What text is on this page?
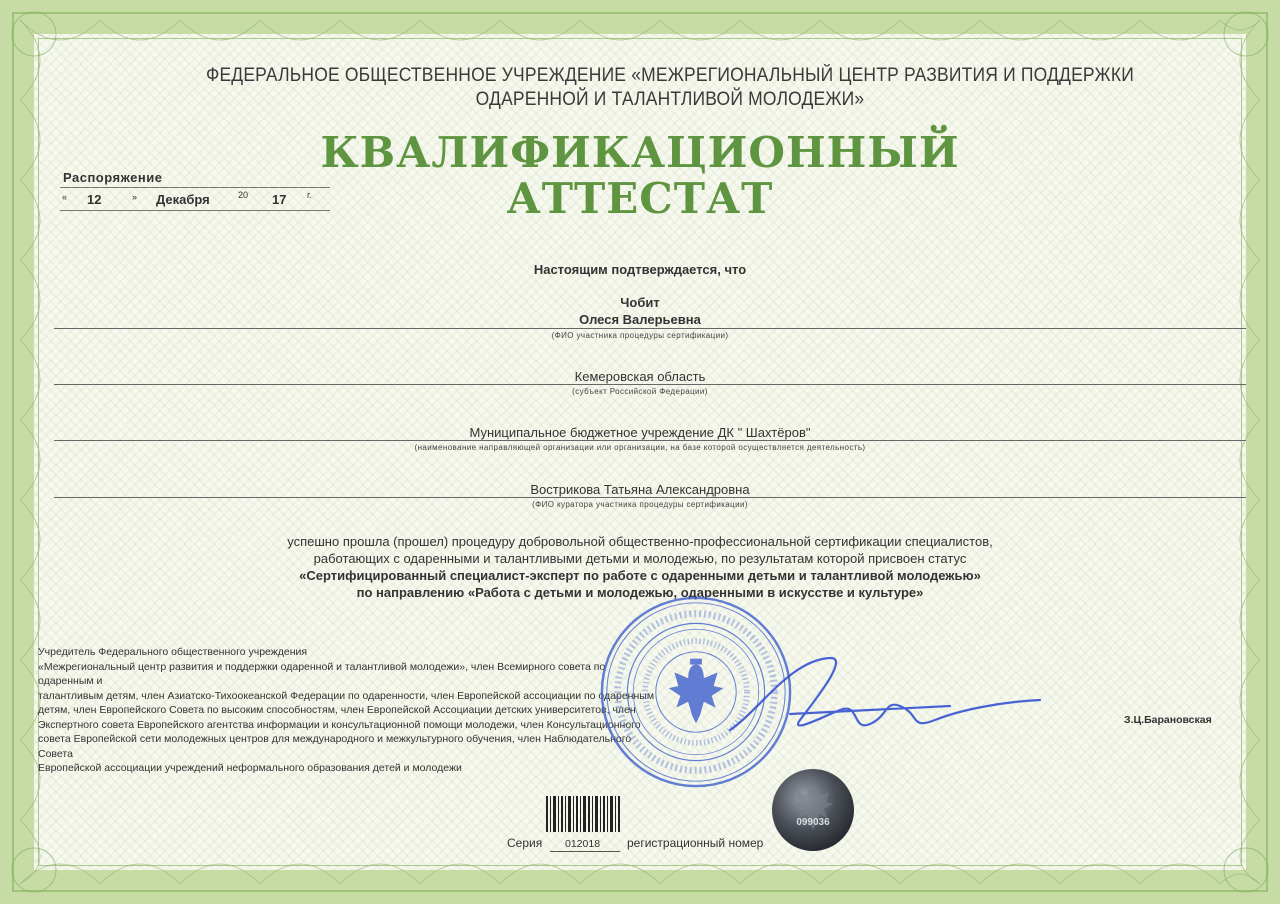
ФЕДЕРАЛЬНОЕ ОБЩЕСТВЕННОЕ УЧРЕЖДЕНИЕ «МЕЖРЕГИОНАЛЬНЫЙ ЦЕНТР РАЗВИТИЯ И ПОДДЕРЖКИ
ОДАРЕННОЙ И ТАЛАНТЛИВОЙ МОЛОДЕЖИ»
КВАЛИФИКАЦИОННЫЙ
АТТЕСТАТ
Распоряжение
« 12	» Декабря	20 17 г.
Настоящим подтверждается, что
Чобит
Олеся Валерьевна
(ФИО участника процедуры сертификации)
Кемеровская область
(субъект Российской Федерации)
Муниципальное бюджетное учреждение ДК " Шахтёров"
(наименование направляющей организации или организации, на базе которой осуществляется деятельность)
Вострикова Татьяна Александровна
(ФИО куратора участника процедуры сертификации)
успешно прошла (прошел) процедуру добровольной общественно-профессиональной сертификации специалистов,
работающих с одаренными и талантливыми детьми и молодежью, по результатам которой присвоен статус
«Сертифицированный специалист-эксперт по работе с одаренными детьми и талантливой молодежью»
по направлению «Работа с детьми и молодежью, одаренными в искусстве и культуре»
Учредитель Федерального общественного учреждения
«Межрегиональный центр развития и поддержки одаренной и талантливой молодежи», член Всемирного совета по одаренным и
талантливым детям, член Азиатско-Тихоокеанской Федерации по одаренности, член Европейской ассоциации по одаренным
детям, член Европейского Совета по высоким способностям, член Европейской Ассоциации детских университетов, член
Экспертного совета Европейского агентства информации и консультационной помощи молодежи, член Консультационного
совета Европейской сети молодежных центров для международного и межкультурного обучения, член Наблюдательного Совета
Европейской ассоциации учреждений неформального образования детей и молодежи
З.Ц.Барановская
Серия 012018 регистрационный номер
099036
